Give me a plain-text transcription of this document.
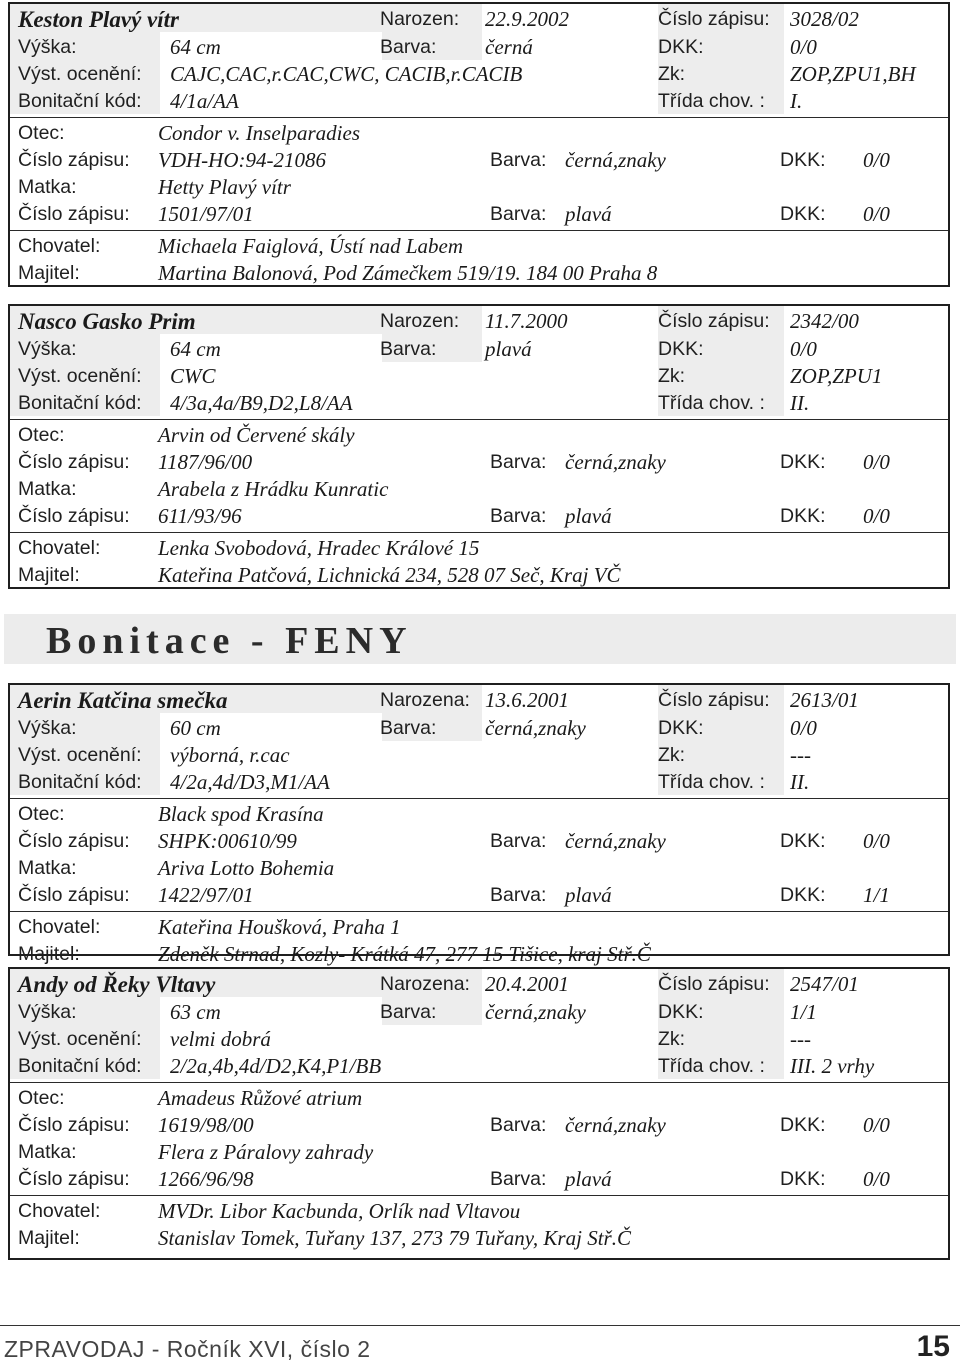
Keston Plavý vítr	Narozen: 22.9.2002	Číslo zápisu: 3028/02
Výška:	64 cm	Barva: černá	DKK:	0/0
Výst. ocenění: CAJC,CAC,r.CAC,CWC, CACIB,r.CACIB	Zk:	ZOP,ZPU1,BH
Bonitační kód: 4/1a/AA	Třída chov. : I.
Otec:	Condor v. Inselparadies
Číslo zápisu: VDH-HO:94-21086	Barva: černá,znaky	DKK: 0/0
Matka:	Hetty Plavý vítr
Číslo zápisu: 1501/97/01	Barva: plavá	DKK: 0/0
Chovatel:	Michaela Faiglová, Ústí nad Labem
Majitel:	Martina Balonová, Pod Zámečkem 519/19. 184 00 Praha 8
Nasco Gasko Prim	Narozen: 11.7.2000	Číslo zápisu: 2342/00
Výška:	64 cm	Barva: plavá	DKK:	0/0
Výst. ocenění: CWC	Zk:	ZOP,ZPU1
Bonitační kód: 4/3a,4a/B9,D2,L8/AA	Třída chov. : II.
Otec:	Arvin od Červené skály
Číslo zápisu: 1187/96/00	Barva: černá,znaky	DKK: 0/0
Matka:	Arabela z Hrádku Kunratic
Číslo zápisu: 611/93/96	Barva: plavá	DKK: 0/0
Chovatel:	Lenka Svobodová, Hradec Králové 15
Majitel:	Kateřina Patčová, Lichnická 234, 528 07 Seč, Kraj VČ
Aerin Katčina smečka	Narozena: 13.6.2001	Číslo zápisu: 2613/01
Výška:	60 cm	Barva: černá,znaky	DKK:	0/0
Výst. ocenění: výborná, r.cac	Zk:	---
Bonitační kód: 4/2a,4d/D3,M1/AA	Třída chov. : II.
Otec:	Black spod Krasína
Číslo zápisu: SHPK:00610/99	Barva: černá,znaky	DKK: 0/0
Matka:	Ariva Lotto Bohemia
Číslo zápisu: 1422/97/01	Barva: plavá	DKK: 1/1
Chovatel:	Kateřina Houšková, Praha 1
Majitel:	Zdeněk Strnad, Kozly- Krátká 47, 277 15 Tišice, kraj Stř.Č
Andy od Řeky Vltavy	Narozena: 20.4.2001	Číslo zápisu: 2547/01
Výška:	63 cm	Barva: černá,znaky	DKK:	1/1
Výst. ocenění: velmi dobrá	Zk:	---
Bonitační kód: 2/2a,4b,4d/D2,K4,P1/BB	Třída chov. : III. 2 vrhy
Otec:	Amadeus Růžové atrium
Číslo zápisu: 1619/98/00	Barva: černá,znaky	DKK: 0/0
Matka:	Flera z Páralovy zahrady
Číslo zápisu: 1266/96/98	Barva: plavá	DKK: 0/0
Chovatel:	MVDr. Libor Kacbunda, Orlík nad Vltavou
Majitel:	Stanislav Tomek, Tuřany 137, 273 79 Tuřany, Kraj Stř.Č
Bonitace - FENY
ZPRAVODAJ - Ročník XVI, číslo 2	15
